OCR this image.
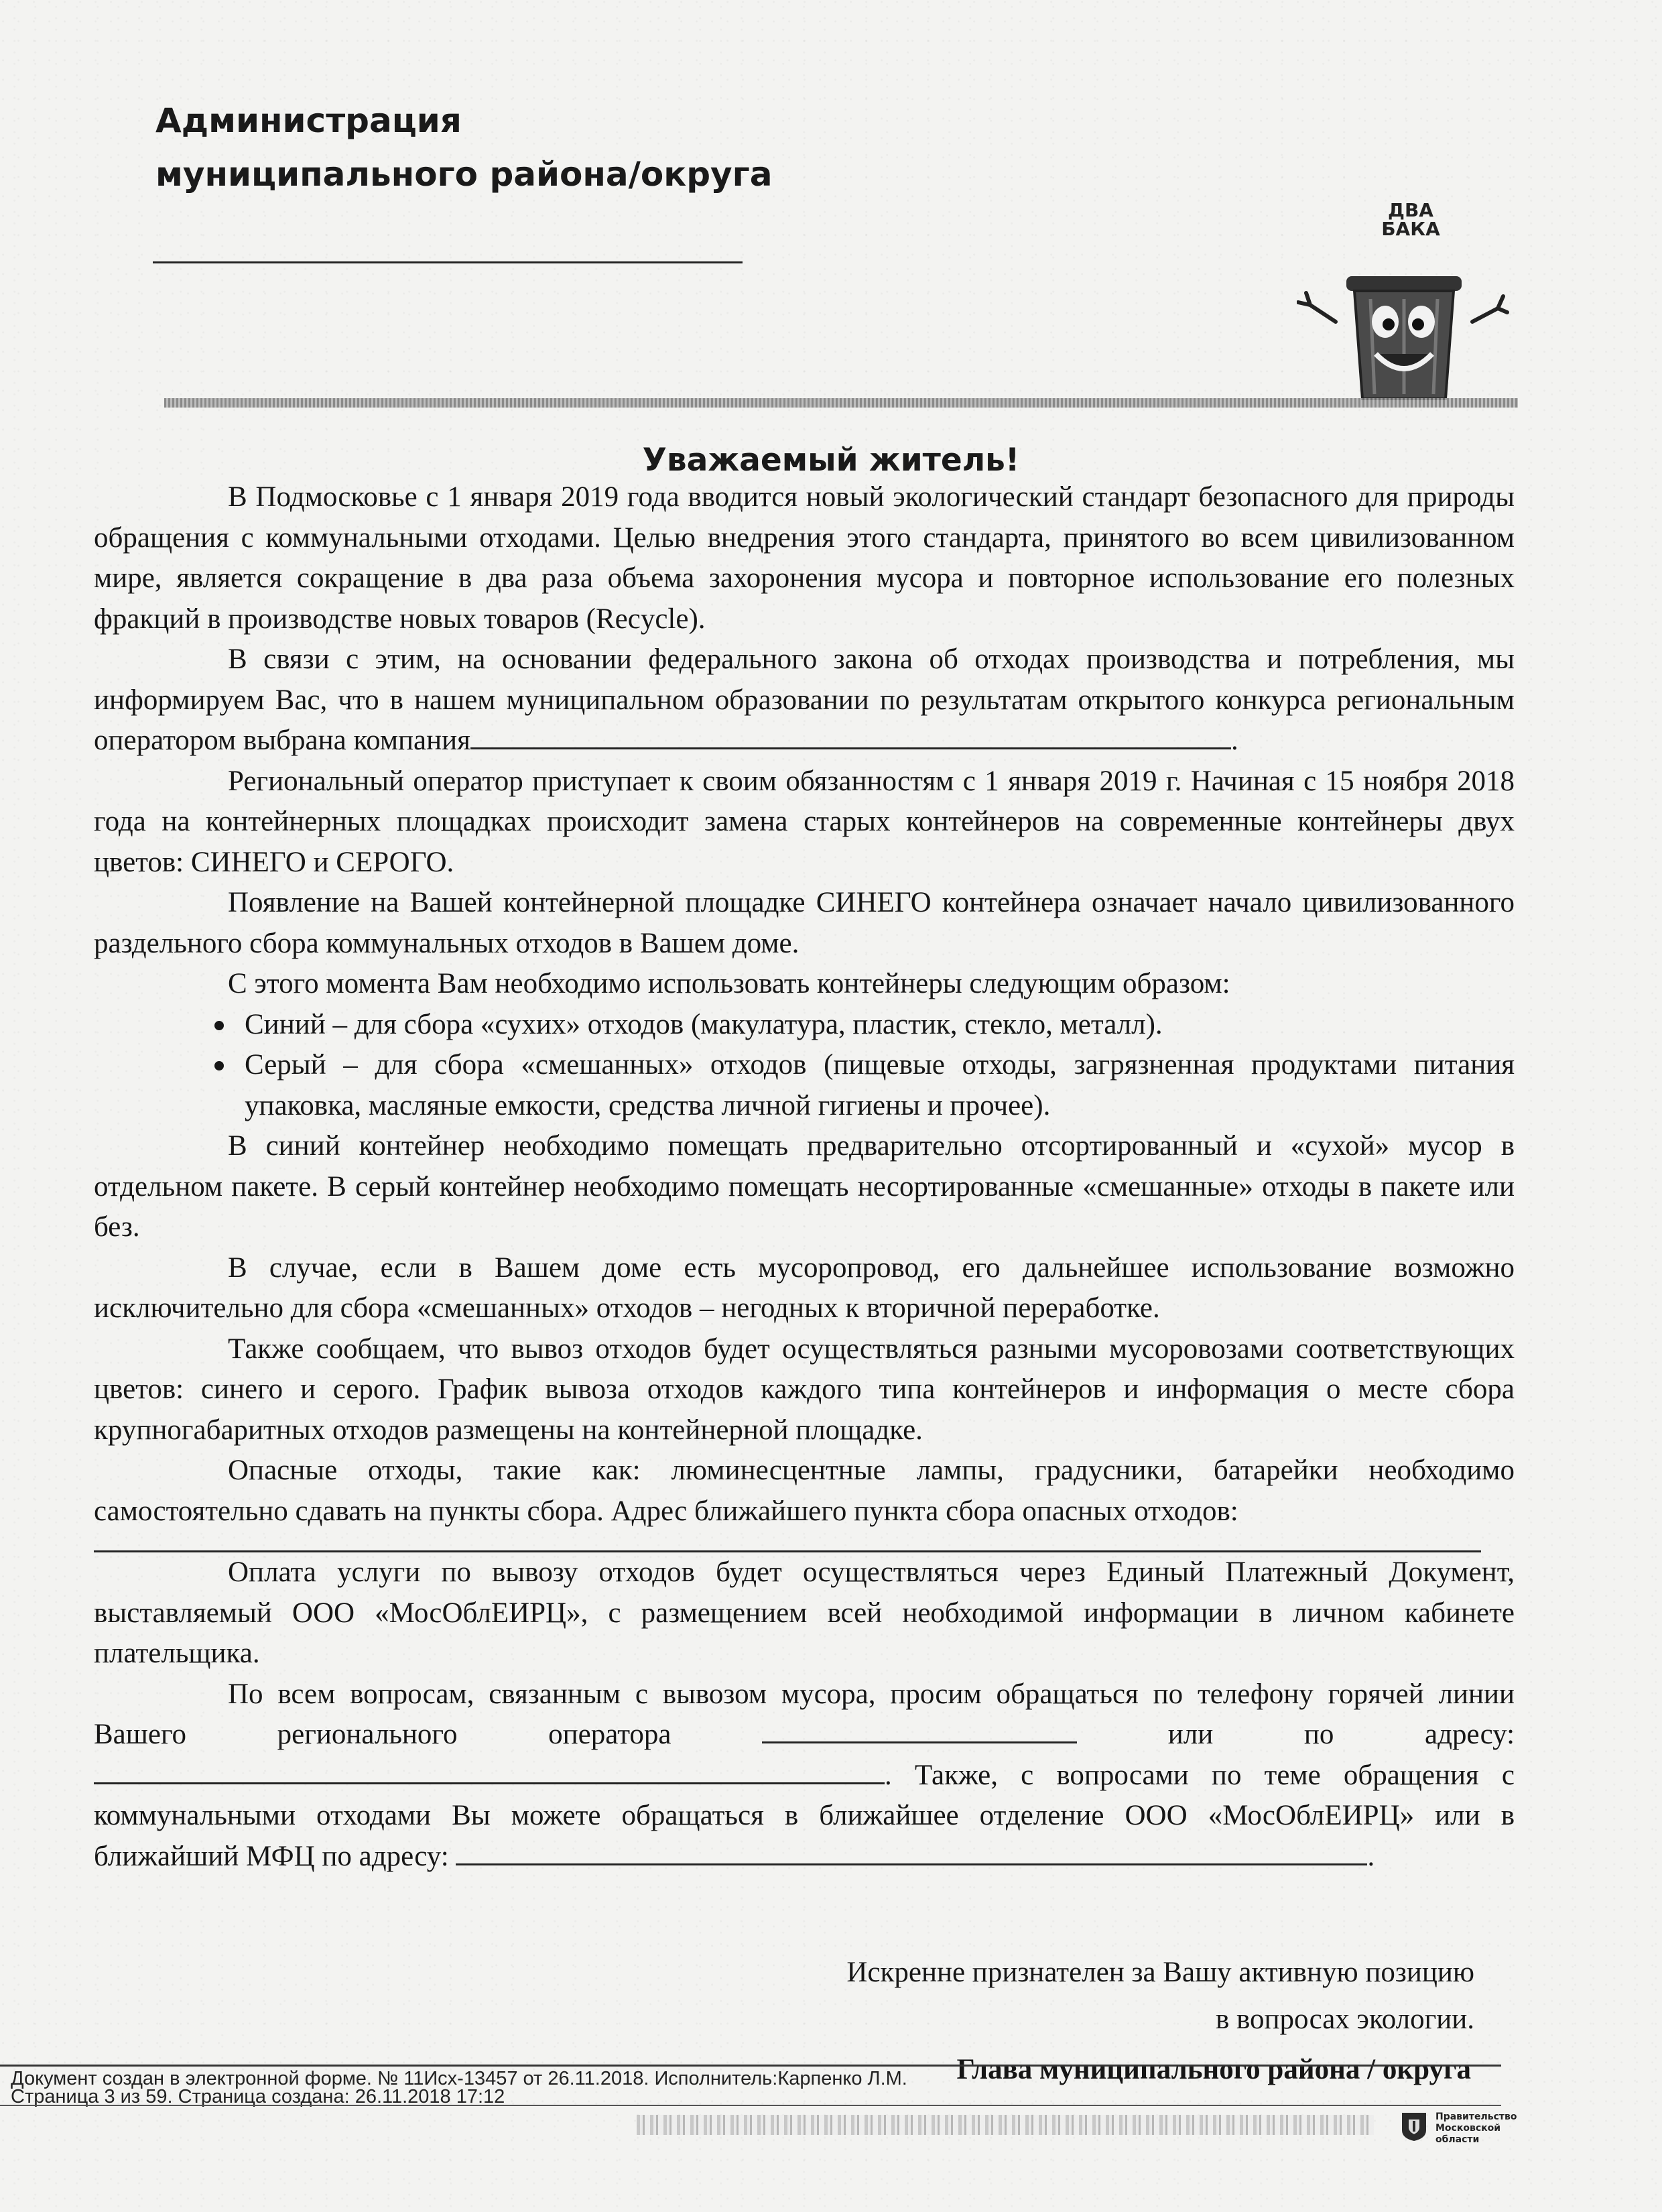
Администрация
муниципального района/округа
ДВА
БАКА
Уважаемый житель!

В Подмосковье с 1 января 2019 года вводится новый экологический стандарт безопасного для природы обращения с коммунальными отходами. Целью внедрения этого стандарта, принятого во всем цивилизованном мире, является сокращение в два раза объема захоронения мусора и повторное использование его полезных фракций в производстве новых товаров (Recycle).

В связи с этим, на основании федерального закона об отходах производства и потребления, мы информируем Вас, что в нашем муниципальном образовании по результатам открытого конкурса региональным оператором выбрана компания	.

Региональный оператор приступает к своим обязанностям с 1 января 2019 г. Начиная с 15 ноября 2018 года на контейнерных площадках происходит замена старых контейнеров на современные контейнеры двух цветов: СИНЕГО и СЕРОГО.

Появление на Вашей контейнерной площадке СИНЕГО контейнера означает начало цивилизованного раздельного сбора коммунальных отходов в Вашем доме.

С этого момента Вам необходимо использовать контейнеры следующим образом:

Синий – для сбора «сухих» отходов (макулатура, пластик, стекло, металл).
Серый – для сбора «смешанных» отходов (пищевые отходы, загрязненная продуктами питания упаковка, масляные емкости, средства личной гигиены и прочее).

В синий контейнер необходимо помещать предварительно отсортированный и «сухой» мусор в отдельном пакете. В серый контейнер необходимо помещать несортированные «смешанные» отходы в пакете или без.

В случае, если в Вашем доме есть мусоропровод, его дальнейшее использование возможно исключительно для сбора «смешанных» отходов – негодных к вторичной переработке.

Также сообщаем, что вывоз отходов будет осуществляться разными мусоровозами соответствующих цветов: синего и серого. График вывоза отходов каждого типа контейнеров и информация о месте сбора крупногабаритных отходов размещены на контейнерной площадке.

Опасные отходы, такие как: люминесцентные лампы, градусники, батарейки необходимо самостоятельно сдавать на пункты сбора. Адрес ближайшего пункта сбора опасных отходов:

Оплата услуги по вывозу отходов будет осуществляться через Единый Платежный Документ, выставляемый ООО «МосОблЕИРЦ», с размещением всей необходимой информации в личном кабинете плательщика.

По всем вопросам, связанным с вывозом мусора, просим обращаться по телефону горячей линии Вашего регионального оператора	или по адресу: . Также, с вопросами по теме обращения с коммунальными отходами Вы можете обращаться в ближайшее отделение ООО «МосОблЕИРЦ» или в ближайший МФЦ по адресу:	.

Искренне признателен за Вашу активную позицию
в вопросах экологии.
Глава муниципального района / округа
Документ создан в электронной форме. № 11Исх-13457 от 26.11.2018. Исполнитель:Карпенко Л.М.
Страница 3 из 59. Страница создана: 26.11.2018 17:12
Правительство
Московской области
